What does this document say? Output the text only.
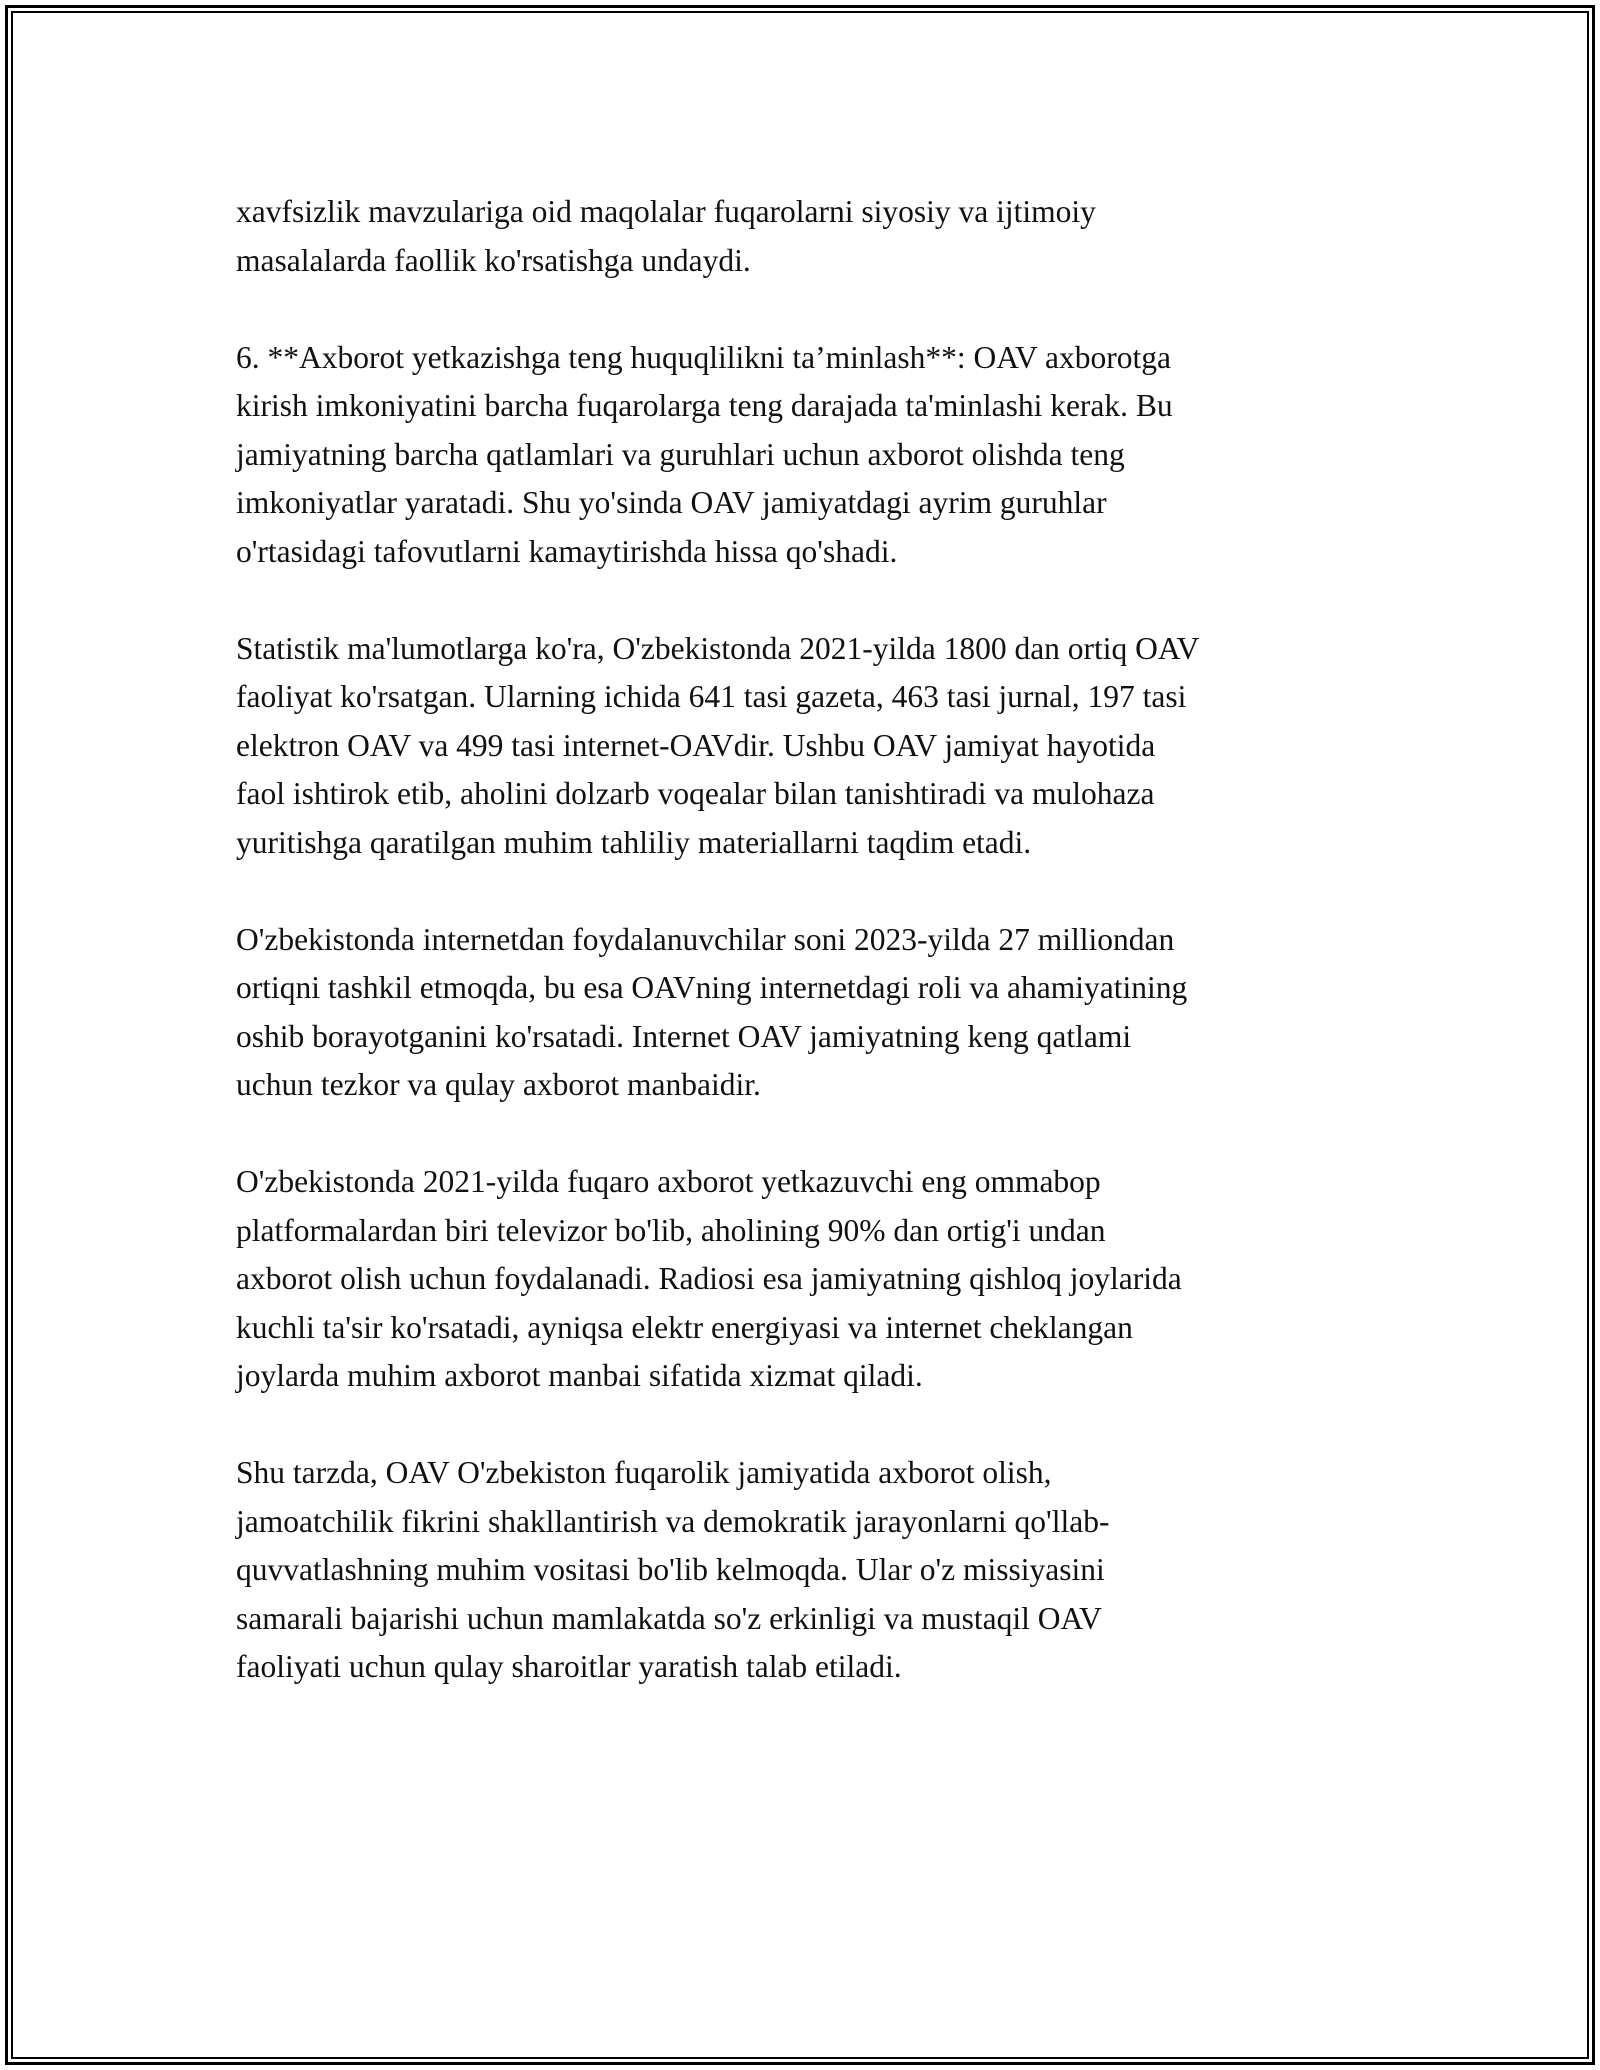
xavfsizlik mavzulariga oid maqolalar fuqarolarni siyosiy va ijtimoiy
masalalarda faollik ko'rsatishga undaydi.

6. **Axborot yetkazishga teng huquqlilikni ta’minlash**: OAV axborotga
kirish imkoniyatini barcha fuqarolarga teng darajada ta'minlashi kerak. Bu
jamiyatning barcha qatlamlari va guruhlari uchun axborot olishda teng
imkoniyatlar yaratadi. Shu yo'sinda OAV jamiyatdagi ayrim guruhlar
o'rtasidagi tafovutlarni kamaytirishda hissa qo'shadi.

Statistik ma'lumotlarga ko'ra, O'zbekistonda 2021-yilda 1800 dan ortiq OAV
faoliyat ko'rsatgan. Ularning ichida 641 tasi gazeta, 463 tasi jurnal, 197 tasi
elektron OAV va 499 tasi internet-OAVdir. Ushbu OAV jamiyat hayotida
faol ishtirok etib, aholini dolzarb voqealar bilan tanishtiradi va mulohaza
yuritishga qaratilgan muhim tahliliy materiallarni taqdim etadi.

O'zbekistonda internetdan foydalanuvchilar soni 2023-yilda 27 milliondan
ortiqni tashkil etmoqda, bu esa OAVning internetdagi roli va ahamiyatining
oshib borayotganini ko'rsatadi. Internet OAV jamiyatning keng qatlami
uchun tezkor va qulay axborot manbaidir.

O'zbekistonda 2021-yilda fuqaro axborot yetkazuvchi eng ommabop
platformalardan biri televizor bo'lib, aholining 90% dan ortig'i undan
axborot olish uchun foydalanadi. Radiosi esa jamiyatning qishloq joylarida
kuchli ta'sir ko'rsatadi, ayniqsa elektr energiyasi va internet cheklangan
joylarda muhim axborot manbai sifatida xizmat qiladi.

Shu tarzda, OAV O'zbekiston fuqarolik jamiyatida axborot olish,
jamoatchilik fikrini shakllantirish va demokratik jarayonlarni qo'llab-
quvvatlashning muhim vositasi bo'lib kelmoqda. Ular o'z missiyasini
samarali bajarishi uchun mamlakatda so'z erkinligi va mustaqil OAV
faoliyati uchun qulay sharoitlar yaratish talab etiladi.
